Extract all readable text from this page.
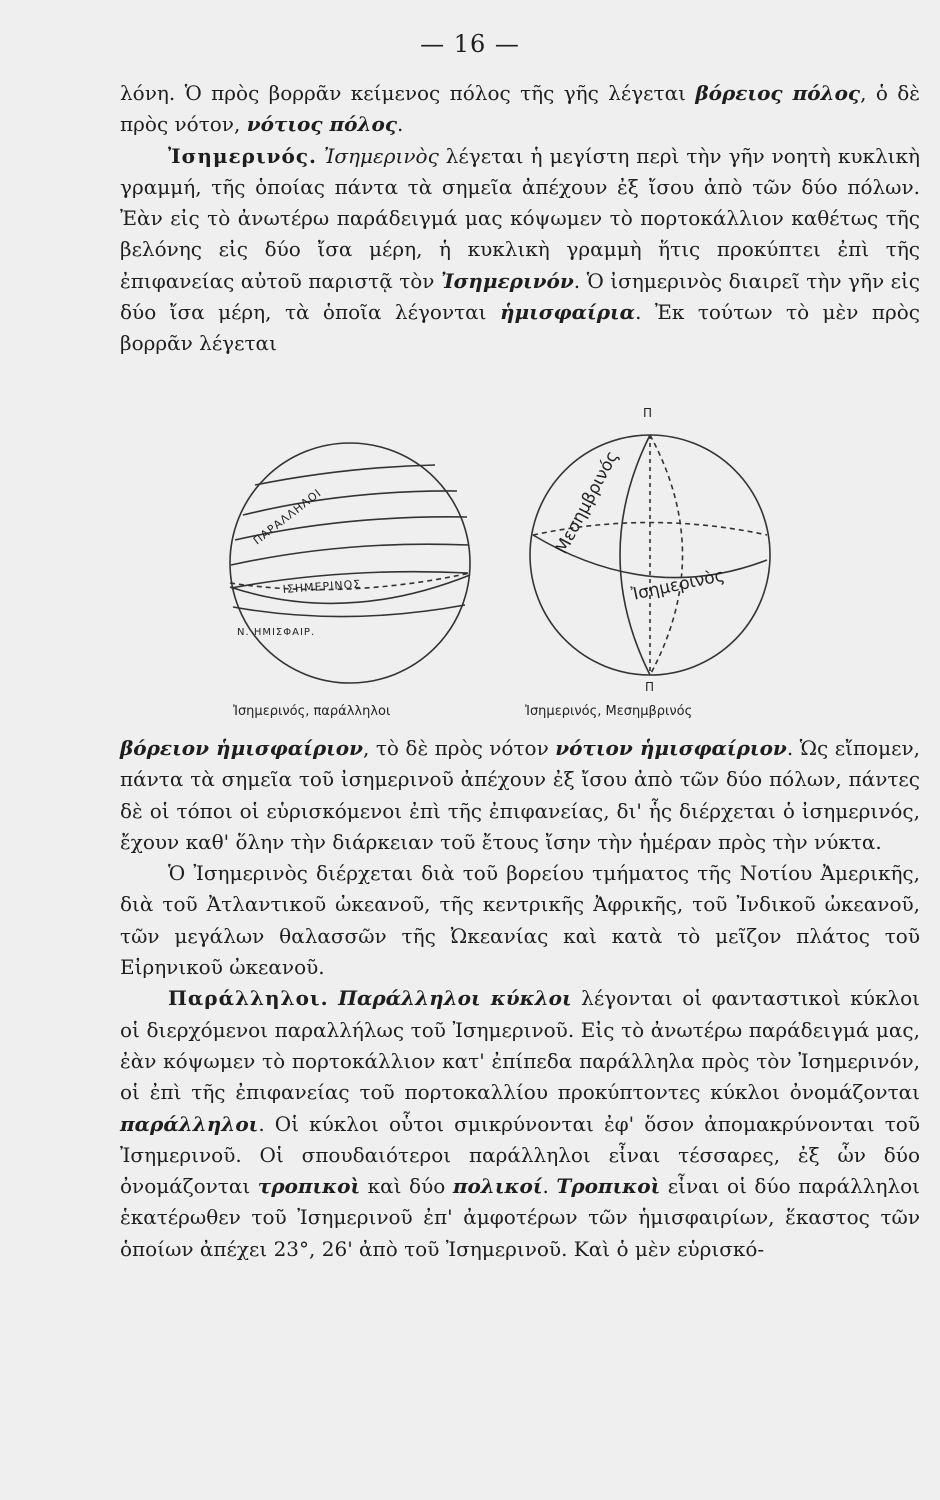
— 16 —

λόνη. Ὁ πρὸς βορρᾶν κείμενος πόλος τῆς γῆς λέγεται βόρειος πόλος, ὁ δὲ πρὸς νότον, νότιος πόλος.

Ἰσημερινός. Ἰσημερινὸς λέγεται ἡ μεγίστη περὶ τὴν γῆν νοητὴ κυκλικὴ γραμμή, τῆς ὁποίας πάντα τὰ σημεῖα ἀπέχουν ἐξ ἴσου ἀπὸ τῶν δύο πόλων. Ἐὰν εἰς τὸ ἀνωτέρω παράδειγμά μας κόψωμεν τὸ πορτοκάλλιον καθέτως τῆς βελόνης εἰς δύο ἴσα μέρη, ἡ κυκλικὴ γραμμὴ ἥτις προκύπτει ἐπὶ τῆς ἐπιφανείας αὐτοῦ παριστᾷ τὸν Ἰσημερινόν. Ὁ ἰσημερινὸς διαιρεῖ τὴν γῆν εἰς δύο ἴσα μέρη, τὰ ὁποῖα λέγονται ἡμισφαίρια. Ἐκ τούτων τὸ μὲν πρὸς βορρᾶν λέγεται

ΠΑΡΑΛΛΗΛΟΙ
ΙΣΗΜΕΡΙΝΟΣ
Ν. ΗΜΙΣΦΑΙΡ.
Ἰσημερινός, παράλληλοι
Π
Π
Μεσημβρινός
Ἰσημερινὸς
Ἰσημερινός, Μεσημβρινός

βόρειον ἡμισφαίριον, τὸ δὲ πρὸς νότον νότιον ἡμισφαίριον. Ὡς εἴπομεν, πάντα τὰ σημεῖα τοῦ ἰσημερινοῦ ἀπέχουν ἐξ ἴσου ἀπὸ τῶν δύο πόλων, πάντες δὲ οἱ τόποι οἱ εὑρισκόμενοι ἐπὶ τῆς ἐπιφανείας, δι' ἧς διέρχεται ὁ ἰσημερινός, ἔχουν καθ' ὅλην τὴν διάρκειαν τοῦ ἔτους ἴσην τὴν ἡμέραν πρὸς τὴν νύκτα.

Ὁ Ἰσημερινὸς διέρχεται διὰ τοῦ βορείου τμήματος τῆς Νοτίου Ἀμερικῆς, διὰ τοῦ Ἀτλαντικοῦ ὠκεανοῦ, τῆς κεντρικῆς Ἀφρικῆς, τοῦ Ἰνδικοῦ ὠκεανοῦ, τῶν μεγάλων θαλασσῶν τῆς Ὠκεανίας καὶ κατὰ τὸ μεῖζον πλάτος τοῦ Εἰρηνικοῦ ὠκεανοῦ.

Παράλληλοι. Παράλληλοι κύκλοι λέγονται οἱ φανταστικοὶ κύκλοι οἱ διερχόμενοι παραλλήλως τοῦ Ἰσημερινοῦ. Εἰς τὸ ἀνωτέρω παράδειγμά μας, ἐὰν κόψωμεν τὸ πορτοκάλλιον κατ' ἐπίπεδα παράλληλα πρὸς τὸν Ἰσημερινόν, οἱ ἐπὶ τῆς ἐπιφανείας τοῦ πορτοκαλλίου προκύπτοντες κύκλοι ὀνομάζονται παράλληλοι. Οἱ κύκλοι οὗτοι σμικρύνονται ἐφ' ὅσον ἀπομακρύνονται τοῦ Ἰσημερινοῦ. Οἱ σπουδαιότεροι παράλληλοι εἶναι τέσσαρες, ἐξ ὧν δύο ὀνομάζονται τροπικοὶ καὶ δύο πολικοί. Τροπικοὶ εἶναι οἱ δύο παράλληλοι ἑκατέρωθεν τοῦ Ἰσημερινοῦ ἐπ' ἀμφοτέρων τῶν ἡμισφαιρίων, ἕκαστος τῶν ὁποίων ἀπέχει 23°, 26' ἀπὸ τοῦ Ἰσημερινοῦ. Καὶ ὁ μὲν εὑρισκό-
